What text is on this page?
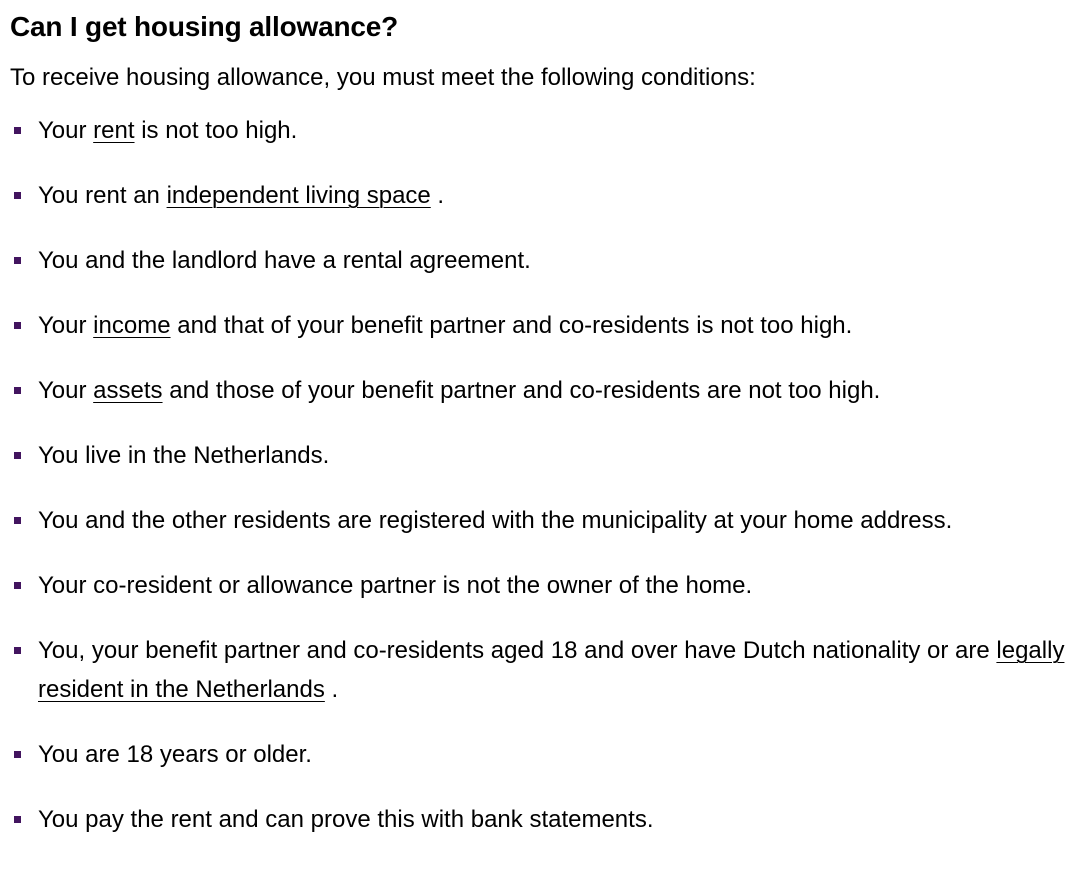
Can I get housing allowance?

To receive housing allowance, you must meet the following conditions:

Your rent is not too high.
You rent an independent living space .
You and the landlord have a rental agreement.
Your income and that of your benefit partner and co-residents is not too high.
Your assets and those of your benefit partner and co-residents are not too high.
You live in the Netherlands.
You and the other residents are registered with the municipality at your home address.
Your co-resident or allowance partner is not the owner of the home.
You, your benefit partner and co-residents aged 18 and over have Dutch nationality or are legally resident in the Netherlands .
You are 18 years or older.
You pay the rent and can prove this with bank statements.
